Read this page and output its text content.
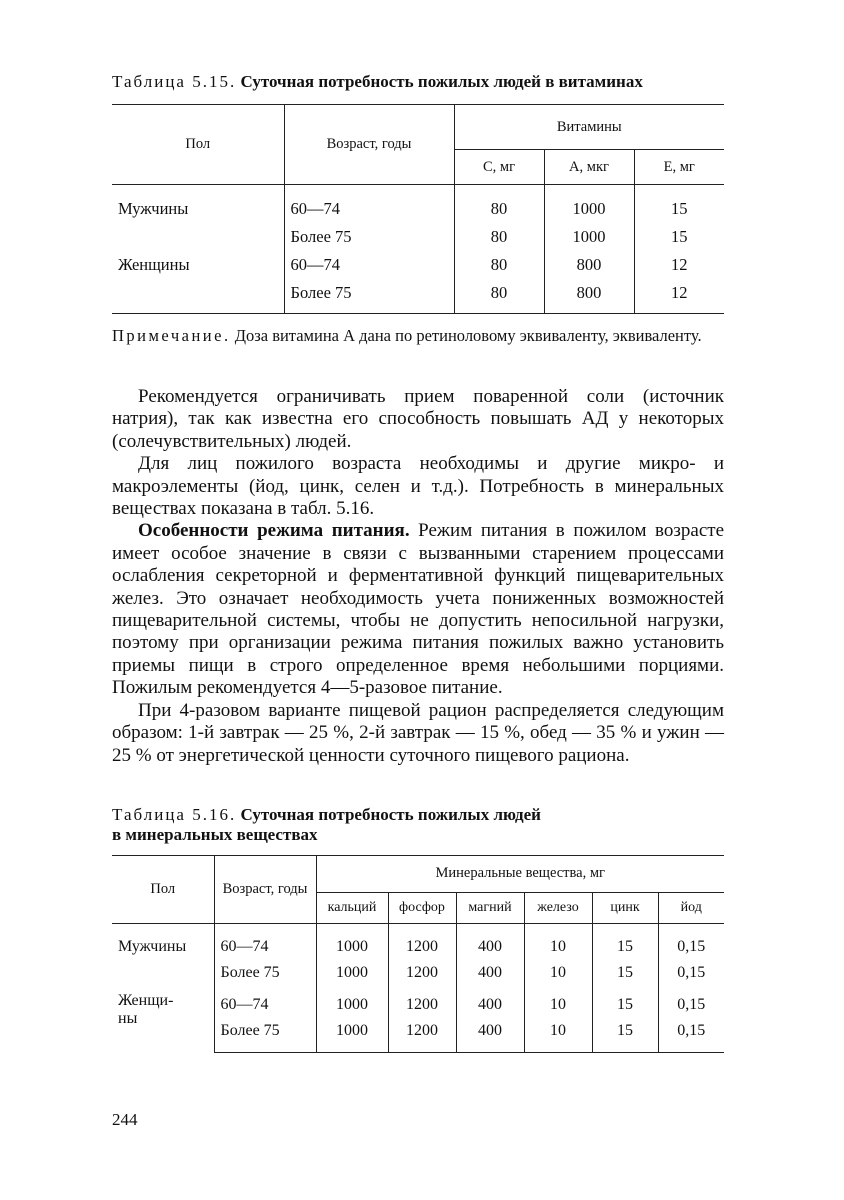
Таблица 5.15. Суточная потребность пожилых людей в витаминах

Пол	Возраст, годы	Витамины		
		С, мг	А, мкг	Е, мг
Мужчины	60—74	80	1000	15
	Более 75	80	1000	15
Женщины	60—74	80	800	12
	Более 75	80	800	12

Примечание. Доза витамина А дана по ретиноловому эквиваленту, эквиваленту.

Рекомендуется ограничивать прием поваренной соли (источник натрия), так как известна его способность повышать АД у некоторых (солечувствительных) людей.

Для лиц пожилого возраста необходимы и другие микро- и макроэлементы (йод, цинк, селен и т.д.). Потребность в минеральных веществах показана в табл. 5.16.

Особенности режима питания. Режим питания в пожилом возрасте имеет особое значение в связи с вызванными старением процессами ослабления секреторной и ферментативной функций пищеварительных желез. Это означает необходимость учета пониженных возможностей пищеварительной системы, чтобы не допустить непосильной нагрузки, поэтому при организации режима питания пожилых важно установить приемы пищи в строго определенное время небольшими порциями. Пожилым рекомендуется 4—5-разовое питание.

При 4-разовом варианте пищевой рацион распределяется следующим образом: 1-й завтрак — 25 %, 2-й завтрак — 15 %, обед — 35 % и ужин — 25 % от энергетической ценности суточного пищевого рациона.

Таблица 5.16. Суточная потребность пожилых людей
в минеральных веществах

Пол	Возраст, годы	Минеральные вещества, мг					
		кальций	фосфор	магний	железо	цинк	йод
Мужчины	60—74	1000	1200	400	10	15	0,15
	Более 75	1000	1200	400	10	15	0,15
Женщи-
ны	60—74	1000	1200	400	10	15	0,15
	Более 75	1000	1200	400	10	15	0,15
244
